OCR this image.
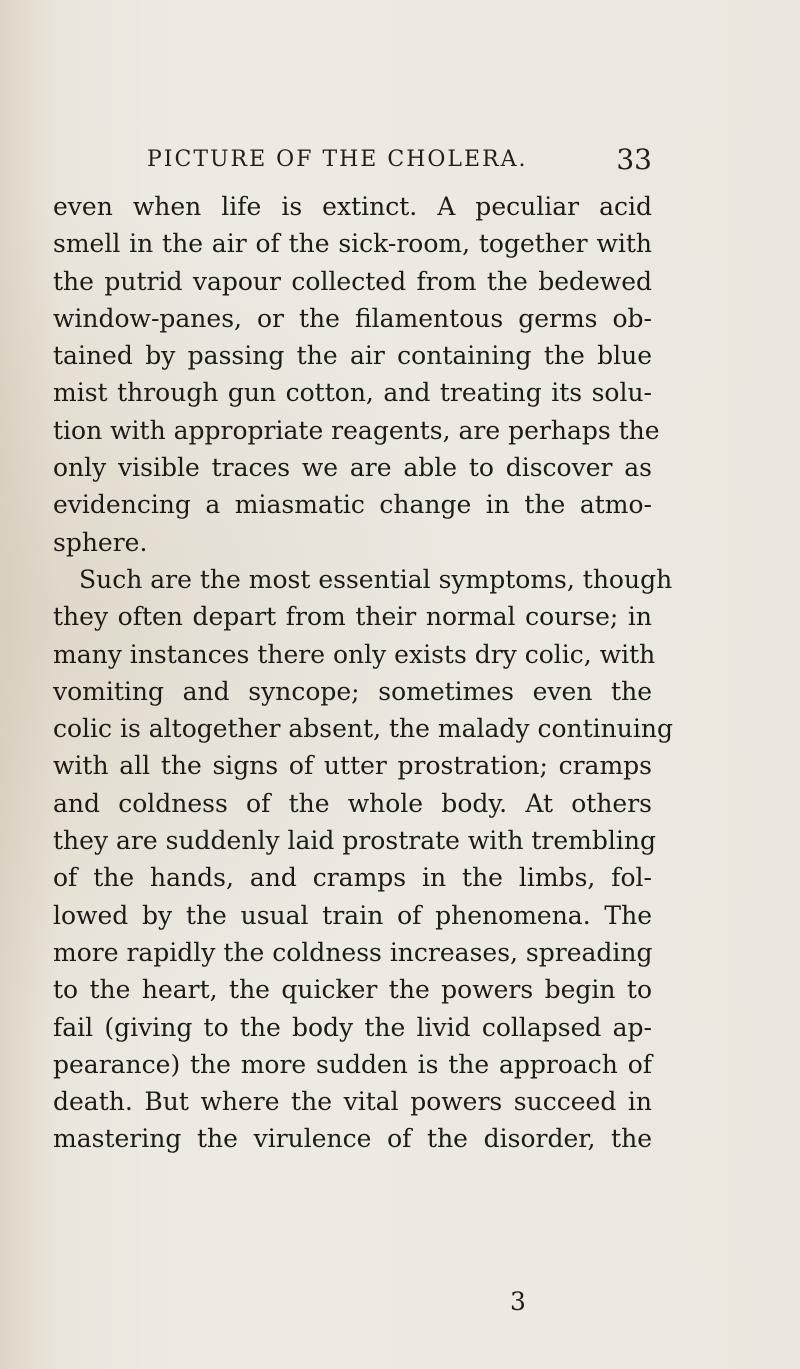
PICTURE OF THE CHOLERA.	33
even when life is extinct. A peculiar acid
smell in the air of the sick-room, together with
the putrid vapour collected from the bedewed
window-panes, or the filamentous germs ob-
tained by passing the air containing the blue
mist through gun cotton, and treating its solu-
tion with appropriate reagents, are perhaps the
only visible traces we are able to discover as
evidencing a miasmatic change in the atmo-
sphere.
Such are the most essential symptoms, though
they often depart from their normal course; in
many instances there only exists dry colic, with
vomiting and syncope; sometimes even the
colic is altogether absent, the malady continuing
with all the signs of utter prostration; cramps
and coldness of the whole body. At others
they are suddenly laid prostrate with trembling
of the hands, and cramps in the limbs, fol-
lowed by the usual train of phenomena. The
more rapidly the coldness increases, spreading
to the heart, the quicker the powers begin to
fail (giving to the body the livid collapsed ap-
pearance) the more sudden is the approach of
death. But where the vital powers succeed in
mastering the virulence of the disorder, the
3
